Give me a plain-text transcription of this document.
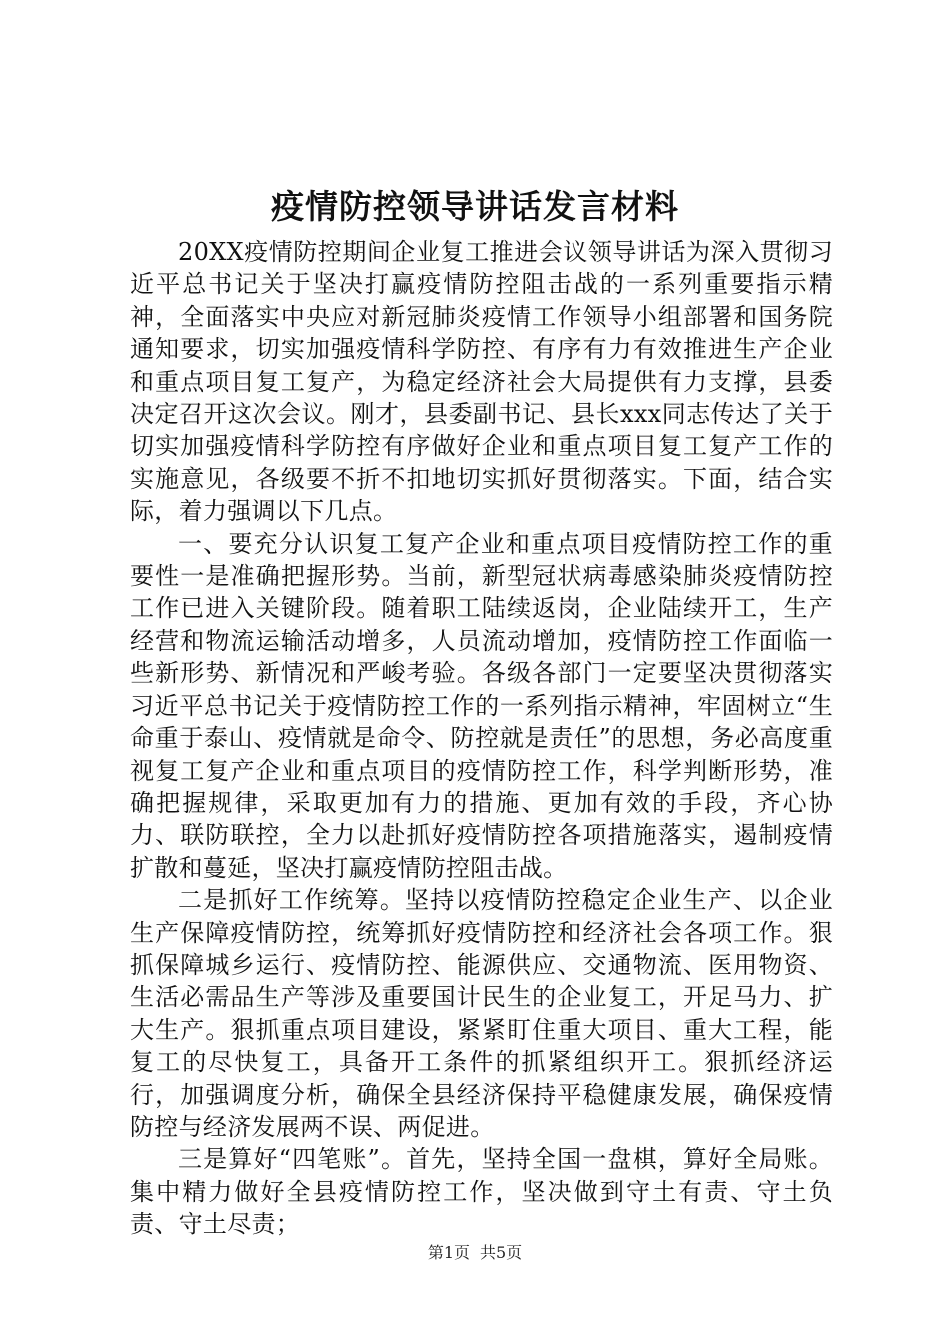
疫情防控领导讲话发言材料

20XX疫情防控期间企业复工推进会议领导讲话为深入贯彻习近平总书记关于坚决打赢疫情防控阻击战的一系列重要指示精神，全面落实中央应对新冠肺炎疫情工作领导小组部署和国务院通知要求，切实加强疫情科学防控、有序有力有效推进生产企业和重点项目复工复产，为稳定经济社会大局提供有力支撑，县委决定召开这次会议。刚才，县委副书记、县长xxx同志传达了关于切实加强疫情科学防控有序做好企业和重点项目复工复产工作的实施意见，各级要不折不扣地切实抓好贯彻落实。下面，结合实际，着力强调以下几点。

一、要充分认识复工复产企业和重点项目疫情防控工作的重要性一是准确把握形势。当前，新型冠状病毒感染肺炎疫情防控工作已进入关键阶段。随着职工陆续返岗，企业陆续开工，生产经营和物流运输活动增多，人员流动增加，疫情防控工作面临一些新形势、新情况和严峻考验。各级各部门一定要坚决贯彻落实习近平总书记关于疫情防控工作的一系列指示精神，牢固树立“生命重于泰山、疫情就是命令、防控就是责任”的思想，务必高度重视复工复产企业和重点项目的疫情防控工作，科学判断形势，准确把握规律，采取更加有力的措施、更加有效的手段，齐心协力、联防联控，全力以赴抓好疫情防控各项措施落实，遏制疫情扩散和蔓延，坚决打赢疫情防控阻击战。

二是抓好工作统筹。坚持以疫情防控稳定企业生产、以企业生产保障疫情防控，统筹抓好疫情防控和经济社会各项工作。狠抓保障城乡运行、疫情防控、能源供应、交通物流、医用物资、生活必需品生产等涉及重要国计民生的企业复工，开足马力、扩大生产。狠抓重点项目建设，紧紧盯住重大项目、重大工程，能复工的尽快复工，具备开工条件的抓紧组织开工。狠抓经济运行，加强调度分析，确保全县经济保持平稳健康发展，确保疫情防控与经济发展两不误、两促进。

三是算好“四笔账”。首先，坚持全国一盘棋，算好全局账。集中精力做好全县疫情防控工作，坚决做到守土有责、守土负责、守土尽责；

第1页 共5页
